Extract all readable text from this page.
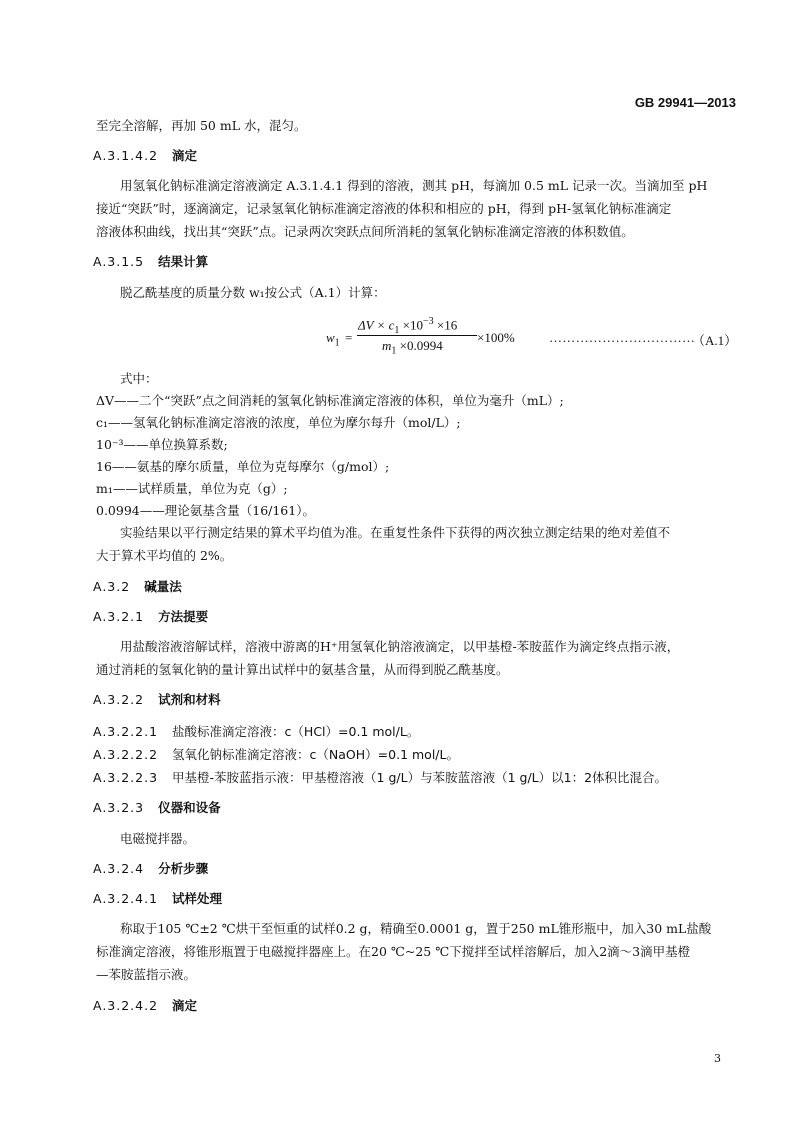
GB 29941—2013
至完全溶解，再加 50 mL 水，混匀。
A.3.1.4.2 滴定
用氢氧化钠标准滴定溶液滴定 A.3.1.4.1 得到的溶液，测其 pH，每滴加 0.5 mL 记录一次。当滴加至 pH
接近“突跃”时，逐滴滴定，记录氢氧化钠标准滴定溶液的体积和相应的 pH，得到 pH-氢氧化钠标准滴定
溶液体积曲线，找出其“突跃”点。记录两次突跃点间所消耗的氢氧化钠标准滴定溶液的体积数值。
A.3.1.5 结果计算
脱乙酰基度的质量分数 w₁按公式（A.1）计算：
$w_1$ =
$\Delta V \times c_1 \times 10^{-3} \times 16$
$m_1 \times 0.0994$
×100%	……………………………
（A.1）
式中：
ΔV——二个“突跃”点之间消耗的氢氧化钠标准滴定溶液的体积，单位为毫升（mL）;
c₁——氢氧化钠标准滴定溶液的浓度，单位为摩尔每升（mol/L）;
10⁻³——单位换算系数;
16——氨基的摩尔质量，单位为克每摩尔（g/mol）;
m₁——试样质量，单位为克（g）;
0.0994——理论氨基含量（16/161）。
实验结果以平行测定结果的算术平均值为准。在重复性条件下获得的两次独立测定结果的绝对差值不
大于算术平均值的 2%。
A.3.2 碱量法
A.3.2.1 方法提要
用盐酸溶液溶解试样，溶液中游离的H⁺用氢氧化钠溶液滴定，以甲基橙-苯胺蓝作为滴定终点指示液，
通过消耗的氢氧化钠的量计算出试样中的氨基含量，从而得到脱乙酰基度。
A.3.2.2 试剂和材料
A.3.2.2.1 盐酸标准滴定溶液：c（HCl）=0.1 mol/L。
A.3.2.2.2 氢氧化钠标准滴定溶液：c（NaOH）=0.1 mol/L。
A.3.2.2.3 甲基橙-苯胺蓝指示液：甲基橙溶液（1 g/L）与苯胺蓝溶液（1 g/L）以1：2体积比混合。
A.3.2.3 仪器和设备
电磁搅拌器。
A.3.2.4 分析步骤
A.3.2.4.1 试样处理
称取于105 ℃±2 ℃烘干至恒重的试样0.2 g，精确至0.0001 g，置于250 mL锥形瓶中，加入30 mL盐酸
标准滴定溶液，将锥形瓶置于电磁搅拌器座上。在20 ℃~25 ℃下搅拌至试样溶解后，加入2滴～3滴甲基橙
—苯胺蓝指示液。
A.3.2.4.2 滴定
3
